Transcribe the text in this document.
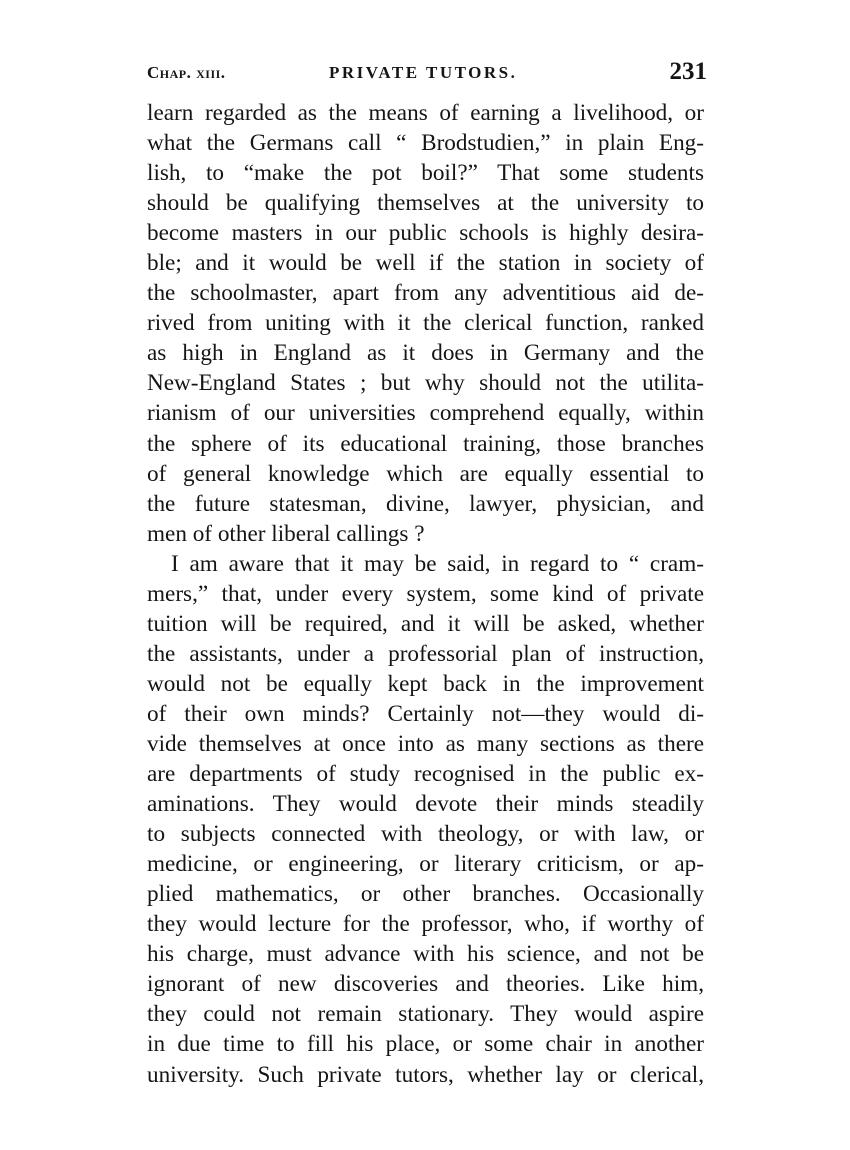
Chap. xiii.	PRIVATE TUTORS.	231
learn regarded as the means of earning a livelihood, or
what the Germans call “ Brodstudien,” in plain Eng-
lish, to “make the pot boil?” That some students
should be qualifying themselves at the university to
become masters in our public schools is highly desira-
ble; and it would be well if the station in society of
the schoolmaster, apart from any adventitious aid de-
rived from uniting with it the clerical function, ranked
as high in England as it does in Germany and the
New-England States ; but why should not the utilita-
rianism of our universities comprehend equally, within
the sphere of its educational training, those branches
of general knowledge which are equally essential to
the future statesman, divine, lawyer, physician, and
men of other liberal callings ?
I am aware that it may be said, in regard to “ cram-
mers,” that, under every system, some kind of private
tuition will be required, and it will be asked, whether
the assistants, under a professorial plan of instruction,
would not be equally kept back in the improvement
of their own minds? Certainly not—they would di-
vide themselves at once into as many sections as there
are departments of study recognised in the public ex-
aminations. They would devote their minds steadily
to subjects connected with theology, or with law, or
medicine, or engineering, or literary criticism, or ap-
plied mathematics, or other branches. Occasionally
they would lecture for the professor, who, if worthy of
his charge, must advance with his science, and not be
ignorant of new discoveries and theories. Like him,
they could not remain stationary. They would aspire
in due time to fill his place, or some chair in another
university. Such private tutors, whether lay or clerical,
